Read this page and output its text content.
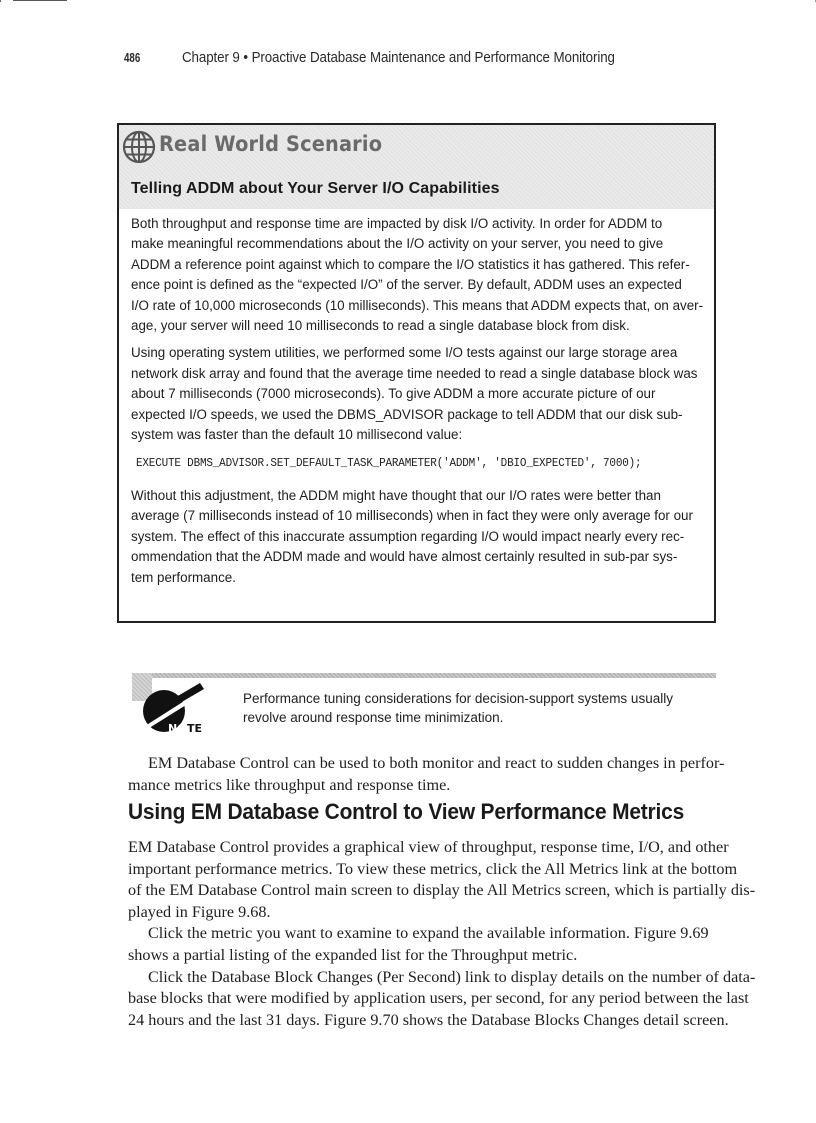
486	Chapter 9 • Proactive Database Maintenance and Performance Monitoring
Real World Scenario
Telling ADDM about Your Server I/O Capabilities

Both throughput and response time are impacted by disk I/O activity. In order for ADDM to
make meaningful recommendations about the I/O activity on your server, you need to give
ADDM a reference point against which to compare the I/O statistics it has gathered. This refer-
ence point is defined as the “expected I/O” of the server. By default, ADDM uses an expected
I/O rate of 10,000 microseconds (10 milliseconds). This means that ADDM expects that, on aver-
age, your server will need 10 milliseconds to read a single database block from disk.

Using operating system utilities, we performed some I/O tests against our large storage area
network disk array and found that the average time needed to read a single database block was
about 7 milliseconds (7000 microseconds). To give ADDM a more accurate picture of our
expected I/O speeds, we used the DBMS_ADVISOR package to tell ADDM that our disk sub-
system was faster than the default 10 millisecond value:

EXECUTE DBMS_ADVISOR.SET_DEFAULT_TASK_PARAMETER('ADDM', 'DBIO_EXPECTED', 7000);

Without this adjustment, the ADDM might have thought that our I/O rates were better than
average (7 milliseconds instead of 10 milliseconds) when in fact they were only average for our
system. The effect of this inaccurate assumption regarding I/O would impact nearly every rec-
ommendation that the ADDM made and would have almost certainly resulted in sub-par sys-
tem performance.

NO TE
Performance tuning considerations for decision-support systems usually
revolve around response time minimization.
EM Database Control can be used to both monitor and react to sudden changes in perfor-
mance metrics like throughput and response time.
Using EM Database Control to View Performance Metrics
EM Database Control provides a graphical view of throughput, response time, I/O, and other
important performance metrics. To view these metrics, click the All Metrics link at the bottom
of the EM Database Control main screen to display the All Metrics screen, which is partially dis-
played in Figure 9.68.
Click the metric you want to examine to expand the available information. Figure 9.69
shows a partial listing of the expanded list for the Throughput metric.
Click the Database Block Changes (Per Second) link to display details on the number of data-
base blocks that were modified by application users, per second, for any period between the last
24 hours and the last 31 days. Figure 9.70 shows the Database Blocks Changes detail screen.
